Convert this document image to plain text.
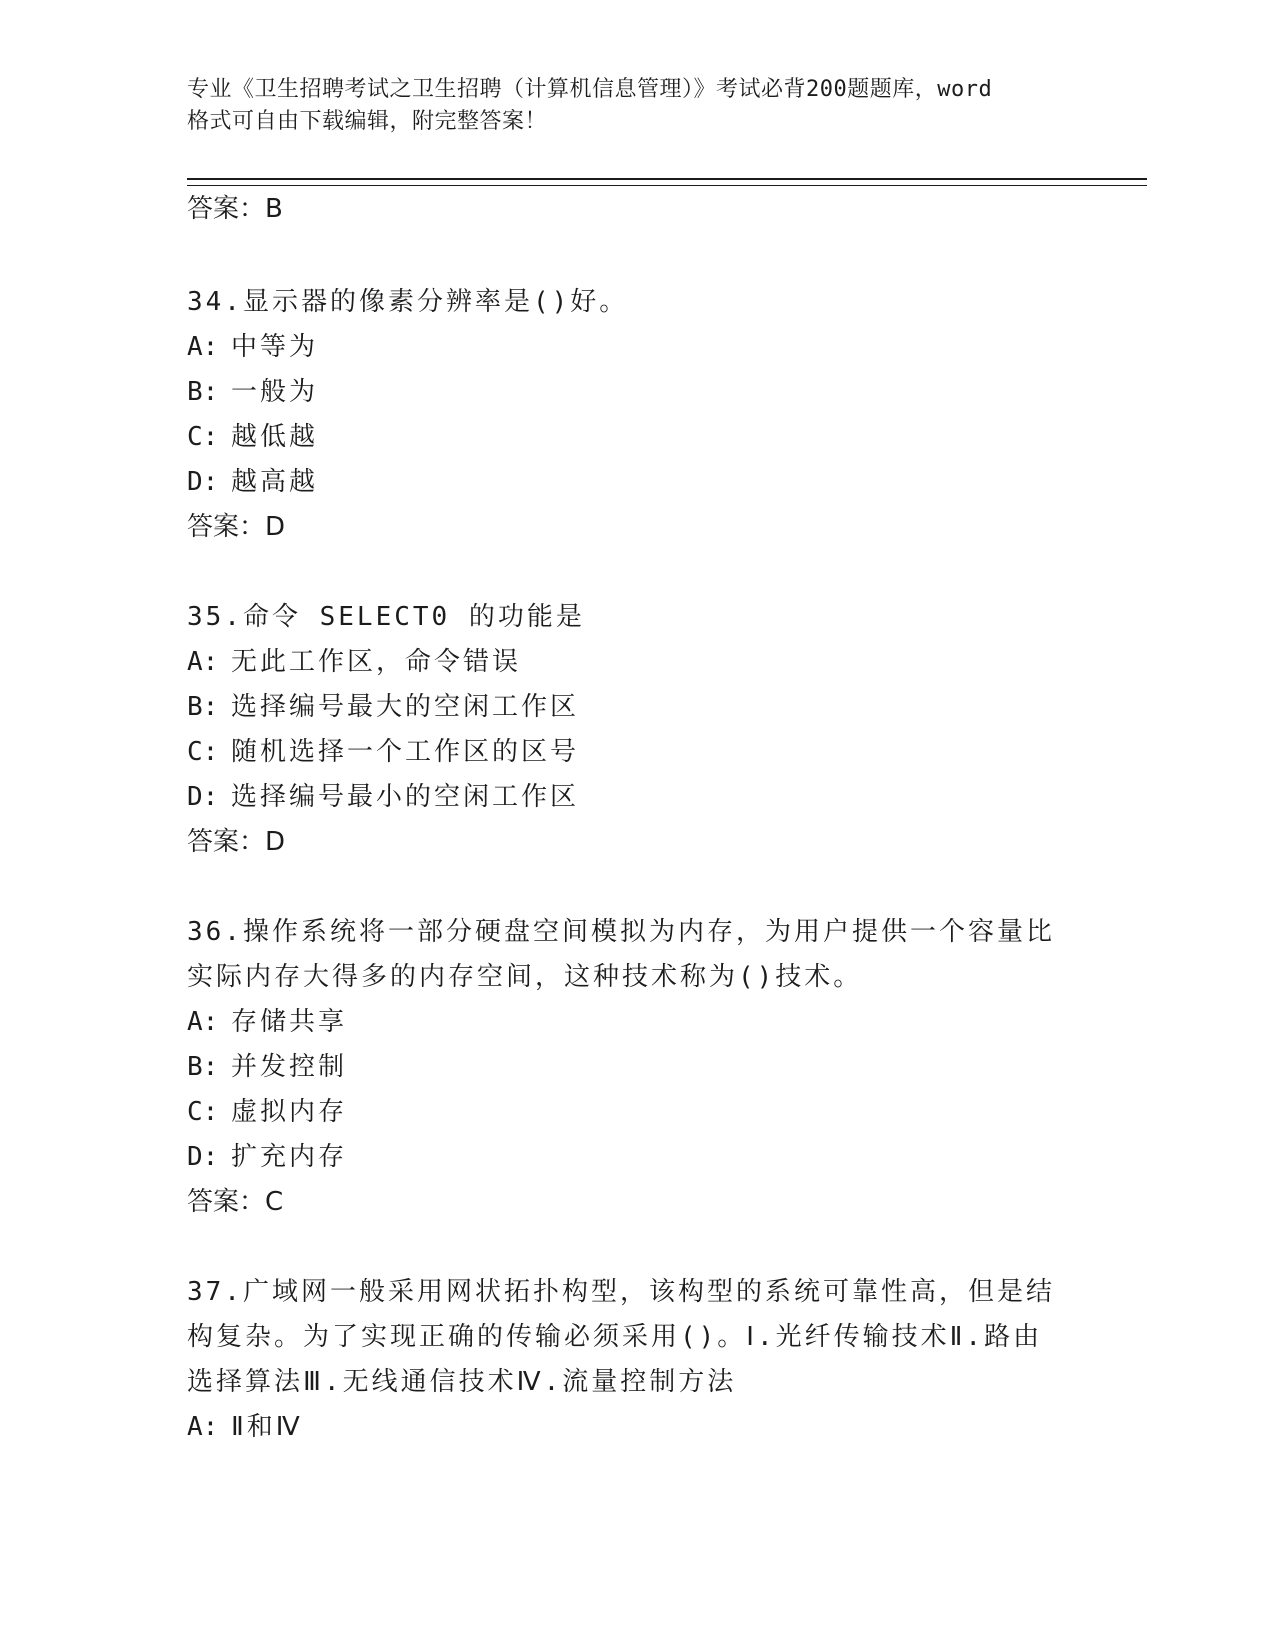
专业《卫生招聘考试之卫生招聘（计算机信息管理）》考试必背200题题库，word
格式可自由下载编辑，附完整答案！
答案：B

34.显示器的像素分辨率是()好。

A: 中等为

B: 一般为

C: 越低越

D: 越高越

答案：D

35.命令 SELECT0 的功能是

A: 无此工作区，命令错误

B: 选择编号最大的空闲工作区

C: 随机选择一个工作区的区号

D: 选择编号最小的空闲工作区

答案：D

36.操作系统将一部分硬盘空间模拟为内存，为用户提供一个容量比实际内存大得多的内存空间，这种技术称为()技术。

A: 存储共享

B: 并发控制

C: 虚拟内存

D: 扩充内存

答案：C

37.广域网一般采用网状拓扑构型，该构型的系统可靠性高，但是结构复杂。为了实现正确的传输必须采用()。Ⅰ.光纤传输技术Ⅱ.路由选择算法Ⅲ.无线通信技术Ⅳ.流量控制方法

A: Ⅱ和Ⅳ
